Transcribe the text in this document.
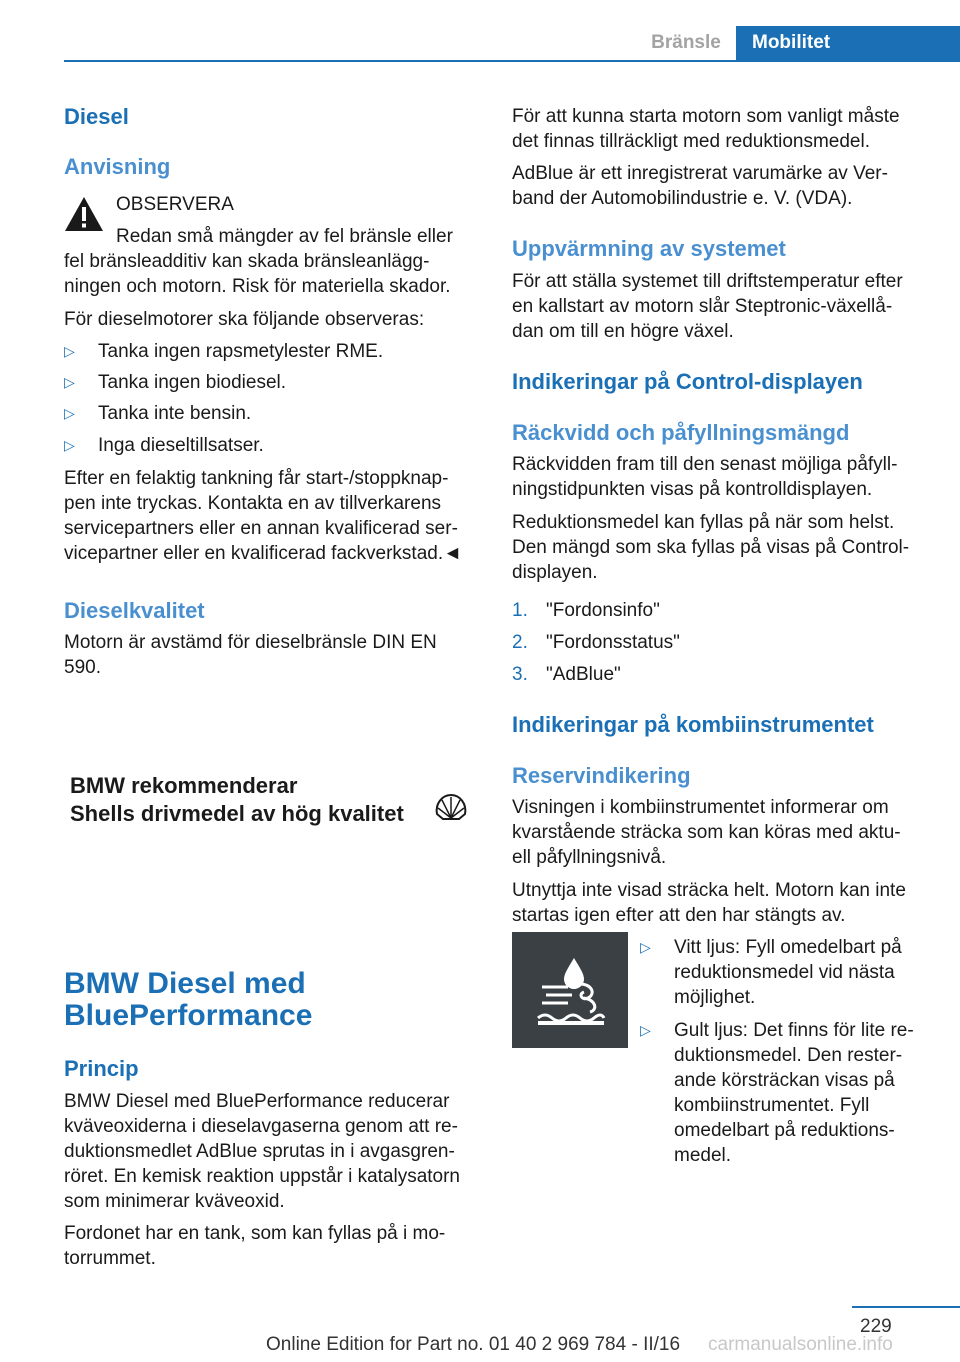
Bränsle	Mobilitet
Diesel
Anvisning
OBSERVERA
Redan små mängder av fel bränsle eller
fel bränsleadditiv kan skada bränsleanlägg-
ningen och motorn. Risk för materiella skador.
För dieselmotorer ska följande observeras:
▷ Tanka ingen rapsmetylester RME.
▷ Tanka ingen biodiesel.
▷ Tanka inte bensin.
▷ Inga dieseltillsatser.
Efter en felaktig tankning får start-/stoppknap-
pen inte tryckas. Kontakta en av tillverkarens
servicepartners eller en annan kvalificerad ser-
vicepartner eller en kvalificerad fackverkstad.◄
Dieselkvalitet
Motorn är avstämd för dieselbränsle DIN EN
590.
BMW rekommenderar
Shells drivmedel av hög kvalitet
BMW Diesel med
BluePerformance
Princip
BMW Diesel med BluePerformance reducerar
kväveoxiderna i dieselavgaserna genom att re-
duktionsmedlet AdBlue sprutas in i avgasgren-
röret. En kemisk reaktion uppstår i katalysatorn
som minimerar kväveoxid.
Fordonet har en tank, som kan fyllas på i mo-
torrummet.
För att kunna starta motorn som vanligt måste
det finnas tillräckligt med reduktionsmedel.
AdBlue är ett inregistrerat varumärke av Ver-
band der Automobilindustrie e. V. (VDA).
Uppvärmning av systemet
För att ställa systemet till driftstemperatur efter
en kallstart av motorn slår Steptronic-växellå-
dan om till en högre växel.
Indikeringar på Control-displayen
Räckvidd och påfyllningsmängd
Räckvidden fram till den senast möjliga påfyll-
ningstidpunkten visas på kontrolldisplayen.
Reduktionsmedel kan fyllas på när som helst.
Den mängd som ska fyllas på visas på Control-
displayen.
1. "Fordonsinfo"
2. "Fordonsstatus"
3. "AdBlue"
Indikeringar på kombiinstrumentet
Reservindikering
Visningen i kombiinstrumentet informerar om
kvarstående sträcka som kan köras med aktu-
ell påfyllningsnivå.
Utnyttja inte visad sträcka helt. Motorn kan inte
startas igen efter att den har stängts av.
▷ Vitt ljus: Fyll omedelbart på
reduktionsmedel vid nästa
möjlighet.
▷ Gult ljus: Det finns för lite re-
duktionsmedel. Den rester-
ande körsträckan visas på
kombiinstrumentet. Fyll
omedelbart på reduktions-
medel.
229
Online Edition for Part no. 01 40 2 969 784 - II/16 carmanualsonline.info
